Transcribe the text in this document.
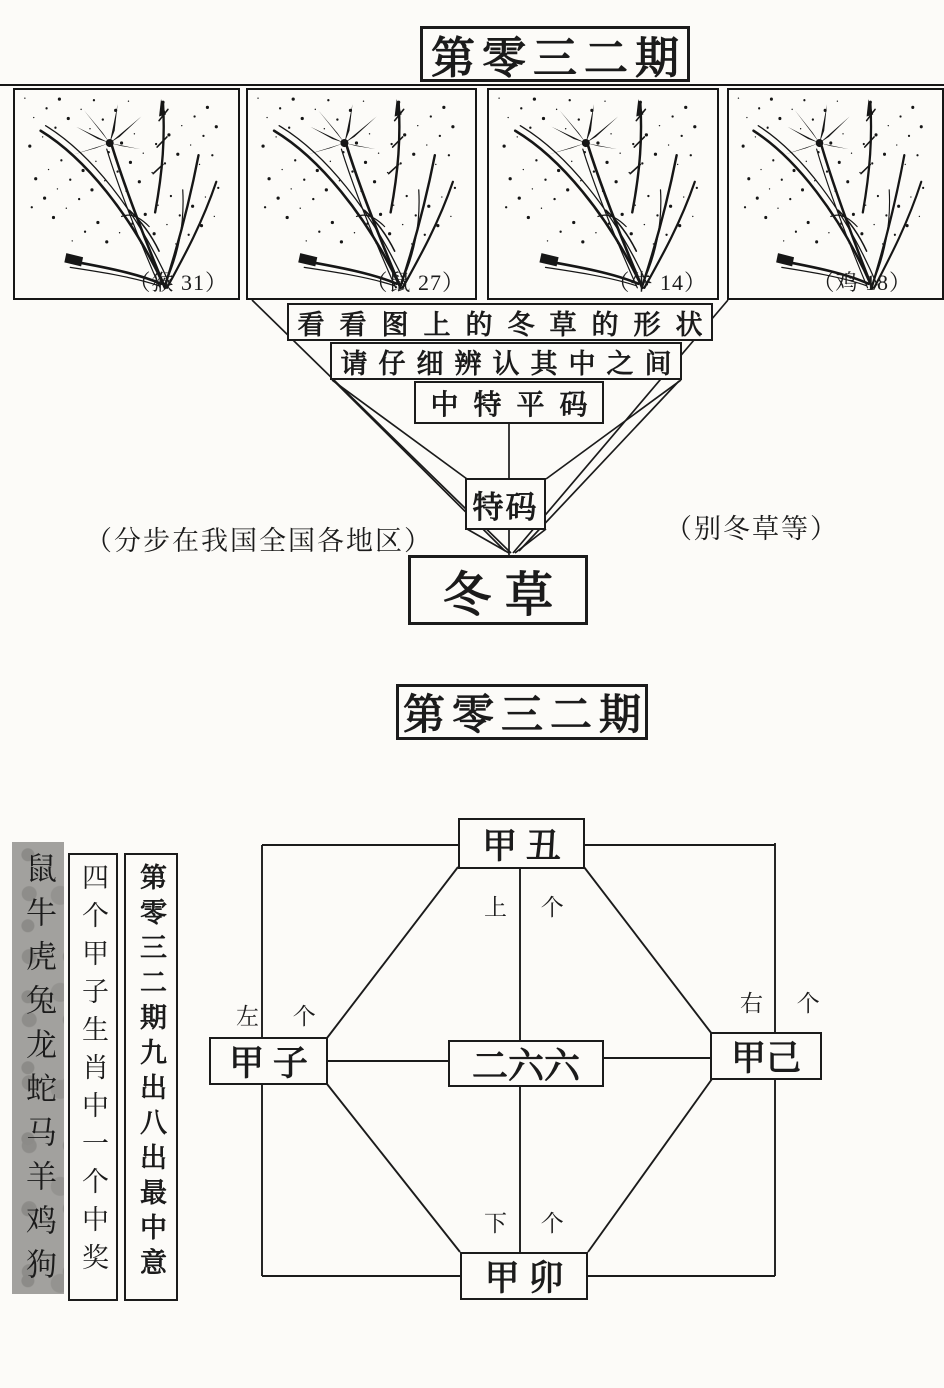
第零三二期
（猴 31）	（鼠 27）	（牛 14）	（鸡 18）
看看图上的冬草的形状
请仔细辨认其中之间
中特平码
特码
冬草
（分步在我国全国各地区）	（别冬草等）
第零三二期
甲 丑
甲 子	甲己
甲 卯
二六六
上 个
左 个
右 个
下 个
鼠牛虎兔龙蛇马羊鸡狗 四个甲子生肖中一个中奖	第零三二期九出八出最中意
